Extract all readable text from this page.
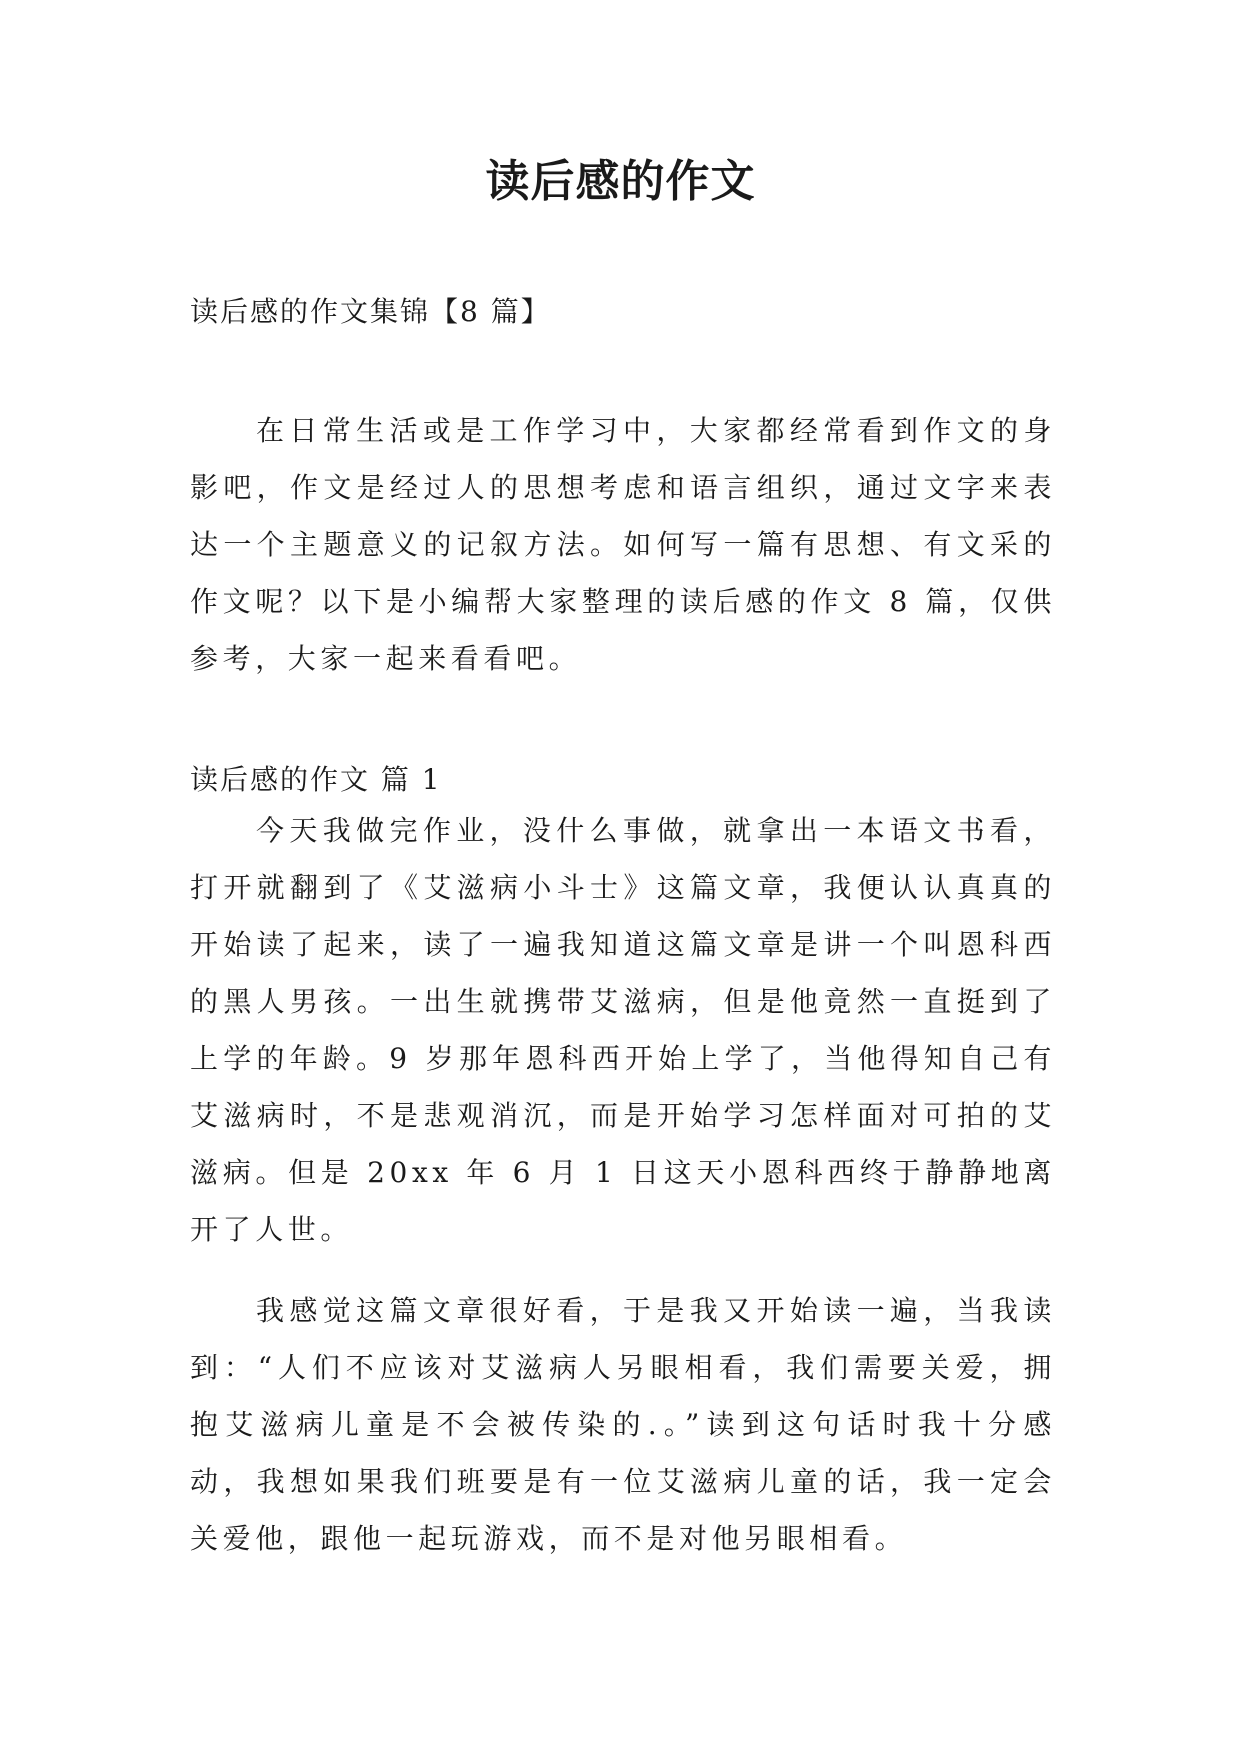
读后感的作文

读后感的作文集锦【8 篇】

在日常生活或是工作学习中，大家都经常看到作文的身影吧，作文是经过人的思想考虑和语言组织，通过文字来表达一个主题意义的记叙方法。如何写一篇有思想、有文采的作文呢？以下是小编帮大家整理的读后感的作文 8 篇，仅供参考，大家一起来看看吧。

读后感的作文 篇 1

今天我做完作业，没什么事做，就拿出一本语文书看，打开就翻到了《艾滋病小斗士》这篇文章，我便认认真真的开始读了起来，读了一遍我知道这篇文章是讲一个叫恩科西的黑人男孩。一出生就携带艾滋病，但是他竟然一直挺到了上学的年龄。9 岁那年恩科西开始上学了，当他得知自己有艾滋病时，不是悲观消沉，而是开始学习怎样面对可拍的艾滋病。但是 20xx 年 6 月 1 日这天小恩科西终于静静地离开了人世。

我感觉这篇文章很好看，于是我又开始读一遍，当我读到：“人们不应该对艾滋病人另眼相看，我们需要关爱，拥抱艾滋病儿童是不会被传染的.。”读到这句话时我十分感动，我想如果我们班要是有一位艾滋病儿童的话，我一定会关爱他，跟他一起玩游戏，而不是对他另眼相看。
